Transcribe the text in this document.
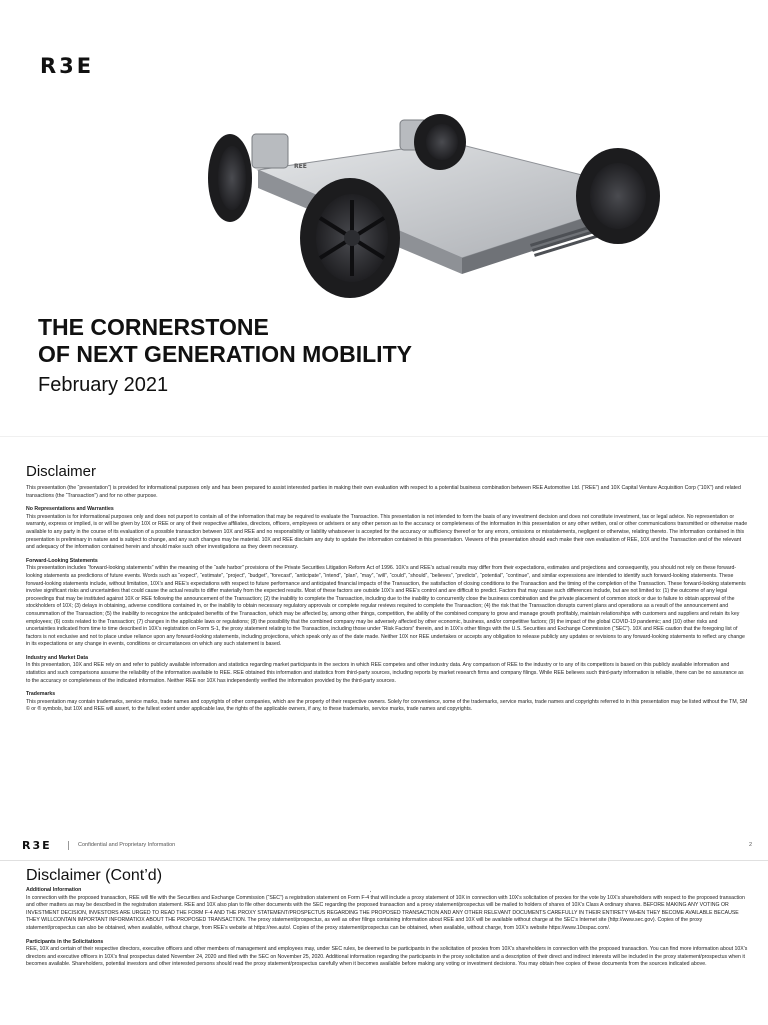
R3E
REE
THE CORNERSTONE
OF NEXT GENERATION MOBILITY
February 2021
Disclaimer

This presentation (the “presentation”) is provided for informational purposes only and has been prepared to assist interested parties in making their own evaluation with respect to a potential business combination between REE Automotive Ltd. (“REE”) and 10X Capital Venture Acquisition Corp (“10X”) and related transactions (the “Transaction”) and for no other purpose.

No Representations and Warranties
This presentation is for informational purposes only and does not purport to contain all of the information that may be required to evaluate the Transaction. This presentation is not intended to form the basis of any investment decision and does not constitute investment, tax or legal advice. No representation or warranty, express or implied, is or will be given by 10X or REE or any of their respective affiliates, directors, officers, employees or advisers or any other person as to the accuracy or completeness of the information in this presentation or any other written, oral or other communications transmitted or otherwise made available to any party in the course of its evaluation of a possible transaction between 10X and REE and no responsibility or liability whatsoever is accepted for the accuracy or sufficiency thereof or for any errors, omissions or misstatements, negligent or otherwise, relating thereto. The information contained in this presentation is preliminary in nature and is subject to change, and any such changes may be material. 10X and REE disclaim any duty to update the information contained in this presentation. Viewers of this presentation should each make their own evaluation of REE, 10X and the Transaction and of the relevant and adequacy of the information contained herein and should make such other investigations as they deem necessary.

Forward-Looking Statements
This presentation includes “forward-looking statements” within the meaning of the “safe harbor” provisions of the Private Securities Litigation Reform Act of 1996. 10X’s and REE’s actual results may differ from their expectations, estimates and projections and consequently, you should not rely on these forward-looking statements as predictions of future events. Words such as “expect”, “estimate”, “project”, “budget”, “forecast”, “anticipate”, “intend”, “plan”, “may”, “will”, “could”, “should”, “believes”, “predicts”, “potential”, “continue”, and similar expressions are intended to identify such forward-looking statements. These forward-looking statements include, without limitation, 10X’s and REE’s expectations with respect to future performance and anticipated financial impacts of the Transaction, the satisfaction of closing conditions to the Transaction and the timing of the completion of the Transaction. These forward-looking statements involve significant risks and uncertainties that could cause the actual results to differ materially from the expected results. Most of these factors are outside 10X’s and REE’s control and are difficult to predict. Factors that may cause such differences include, but are not limited to: (1) the outcome of any legal proceedings that may be instituted against 10X or REE following the announcement of the Transaction; (2) the inability to complete the Transaction, including due to the inability to concurrently close the business combination and the private placement of common stock or due to failure to obtain approval of the stockholders of 10X; (3) delays in obtaining, adverse conditions contained in, or the inability to obtain necessary regulatory approvals or complete regular reviews required to complete the Transaction; (4) the risk that the Transaction disrupts current plans and operations as a result of the announcement and consummation of the Transaction; (5) the inability to recognize the anticipated benefits of the Transaction, which may be affected by, among other things, competition, the ability of the combined company to grow and manage growth profitably, maintain relationships with customers and suppliers and retain its key employees; (6) costs related to the Transaction; (7) changes in the applicable laws or regulations; (8) the possibility that the combined company may be adversely affected by other economic, business, and/or competitive factors; (9) the impact of the global COVID-19 pandemic; and (10) other risks and uncertainties indicated from time to time described in 10X’s registration on Form S-1, the proxy statement relating to the Transaction, including those under “Risk Factors” therein, and in 10X’s other filings with the U.S. Securities and Exchange Commission (“SEC”). 10X and REE caution that the foregoing list of factors is not exclusive and not to place undue reliance upon any forward-looking statements, including projections, which speak only as of the date made. Neither 10X nor REE undertakes or accepts any obligation to release publicly any updates or revisions to any forward-looking statements to reflect any change in its expectations or any change in events, conditions or circumstances on which any such statement is based.

Industry and Market Data
In this presentation, 10X and REE rely on and refer to publicly available information and statistics regarding market participants in the sectors in which REE competes and other industry data. Any comparison of REE to the industry or to any of its competitors is based on this publicly available information and statistics and such comparisons assume the reliability of the information available to REE. REE obtained this information and statistics from third-party sources, including reports by market research firms and company filings. While REE believes such third-party information is reliable, there can be no assurance as to the accuracy or completeness of the indicated information. Neither REE nor 10X has independently verified the information provided by the third-party sources.

Trademarks
This presentation may contain trademarks, service marks, trade names and copyrights of other companies, which are the property of their respective owners. Solely for convenience, some of the trademarks, service marks, trade names and copyrights referred to in this presentation may be listed without the TM, SM © or ® symbols, but 10X and REE will assert, to the fullest extent under applicable law, the rights of the applicable owners, if any, to these trademarks, service marks, trade names and copyrights.

R3E	Confidential and Proprietary Information	2
Disclaimer (Cont’d)

Additional Information
In connection with the proposed transaction, REE will file with the Securities and Exchange Commission (“SEC”) a registration statement on Form F-4 that will include a proxy statement of 10X in connection with 10X’s solicitation of proxies for the vote by 10X’s shareholders with respect to the proposed transaction and other matters as may be described in the registration statement. REE and 10X also plan to file other documents with the SEC regarding the proposed transaction and a proxy statement/prospectus will be mailed to holders of shares of 10X’s Class A ordinary shares. BEFORE MAKING ANY VOTING OR INVESTMENT DECISION, INVESTORS ARE URGED TO READ THE FORM F-4 AND THE PROXY STATEMENT/PROSPECTUS REGARDING THE PROPOSED TRANSACTION AND ANY OTHER RELEVANT DOCUMENTS CAREFULLY IN THEIR ENTIRETY WHEN THEY BECOME AVAILABLE BECAUSE THEY WILLCONTAIN IMPORTANT INFORMATIOX ABOUT THE PROPOSED TRANSACTION. The proxy statement/prospectus, as well as other filings containing information about REE and 10X will be available without charge at the SEC’s Internet site (http://www.sec.gov). Copies of the proxy statement/prospectus can also be obtained, when available, without charge, from REE’s website at https://ree.auto/. Copies of the proxy statement/prospectus can be obtained, when available, without charge, from 10X’s website https://www.10xspac.com/.

Participants in the Solicitations
REE, 10X and certain of their respective directors, executive officers and other members of management and employees may, under SEC rules, be deemed to be participants in the solicitation of proxies from 10X’s shareholders in connection with the proposed transaction. You can find more information about 10X’s directors and executive officers in 10X’s final prospectus dated November 24, 2020 and filed with the SEC on November 25, 2020. Additional information regarding the participants in the proxy solicitation and a description of their direct and indirect interests will be included in the proxy statement/prospectus when it becomes available. Shareholders, potential investors and other interested persons should read the proxy statement/prospectus carefully when it becomes available before making any voting or investment decisions. You may obtain free copies of these documents from the sources indicated above.
